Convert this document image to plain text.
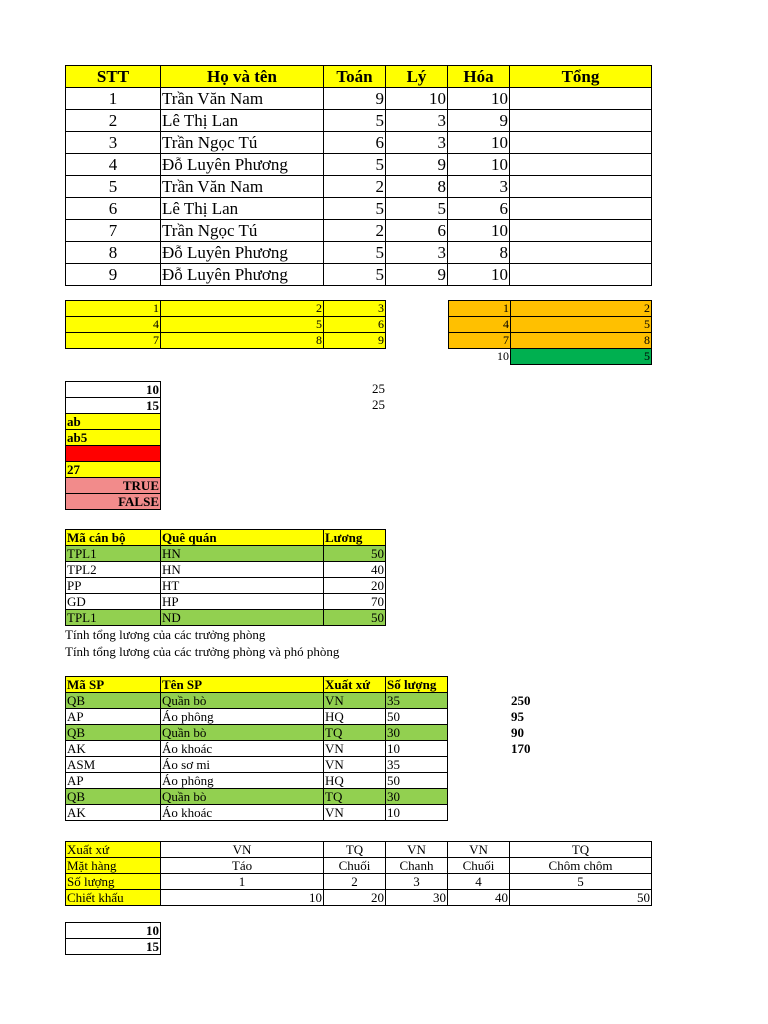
STT	Họ và tên	Toán	Lý	Hóa	Tổng
1	Trần Văn Nam	9	10	10	
2	Lê Thị Lan	5	3	9	
3	Trần Ngọc Tú	6	3	10	
4	Đỗ Luyên Phương	5	9	10	
5	Trần Văn Nam	2	8	3	
6	Lê Thị Lan	5	5	6	
7	Trần Ngọc Tú	2	6	10	
8	Đỗ Luyên Phương	5	3	8	
9	Đỗ Luyên Phương	5	9	10	
1	2	3
4	5	6
7	8	9
1	2
4	5
7	8
10	5
10
15
ab
ab5

27
TRUE
FALSE
25
25
Mã cán bộ	Quê quán	Lương
TPL1	HN	50
TPL2	HN	40
PP	HT	20
GD	HP	70
TPL1	ND	50
Tính tổng lương của các trưởng phòng
Tính tổng lương của các trưởng phòng và phó phòng
Mã SP	Tên SP	Xuất xứ	Số lượng
QB	Quần bò	VN	35
AP	Áo phông	HQ	50
QB	Quần bò	TQ	30
AK	Áo khoác	VN	10
ASM	Áo sơ mi	VN	35
AP	Áo phông	HQ	50
QB	Quần bò	TQ	30
AK	Áo khoác	VN	10
250
95
90
170
Xuất xứ	VN	TQ	VN	VN	TQ
Mặt hàng	Táo	Chuối	Chanh	Chuối	Chôm chôm
Số lượng	1	2	3	4	5
Chiết khấu	10	20	30	40	50
10
15
